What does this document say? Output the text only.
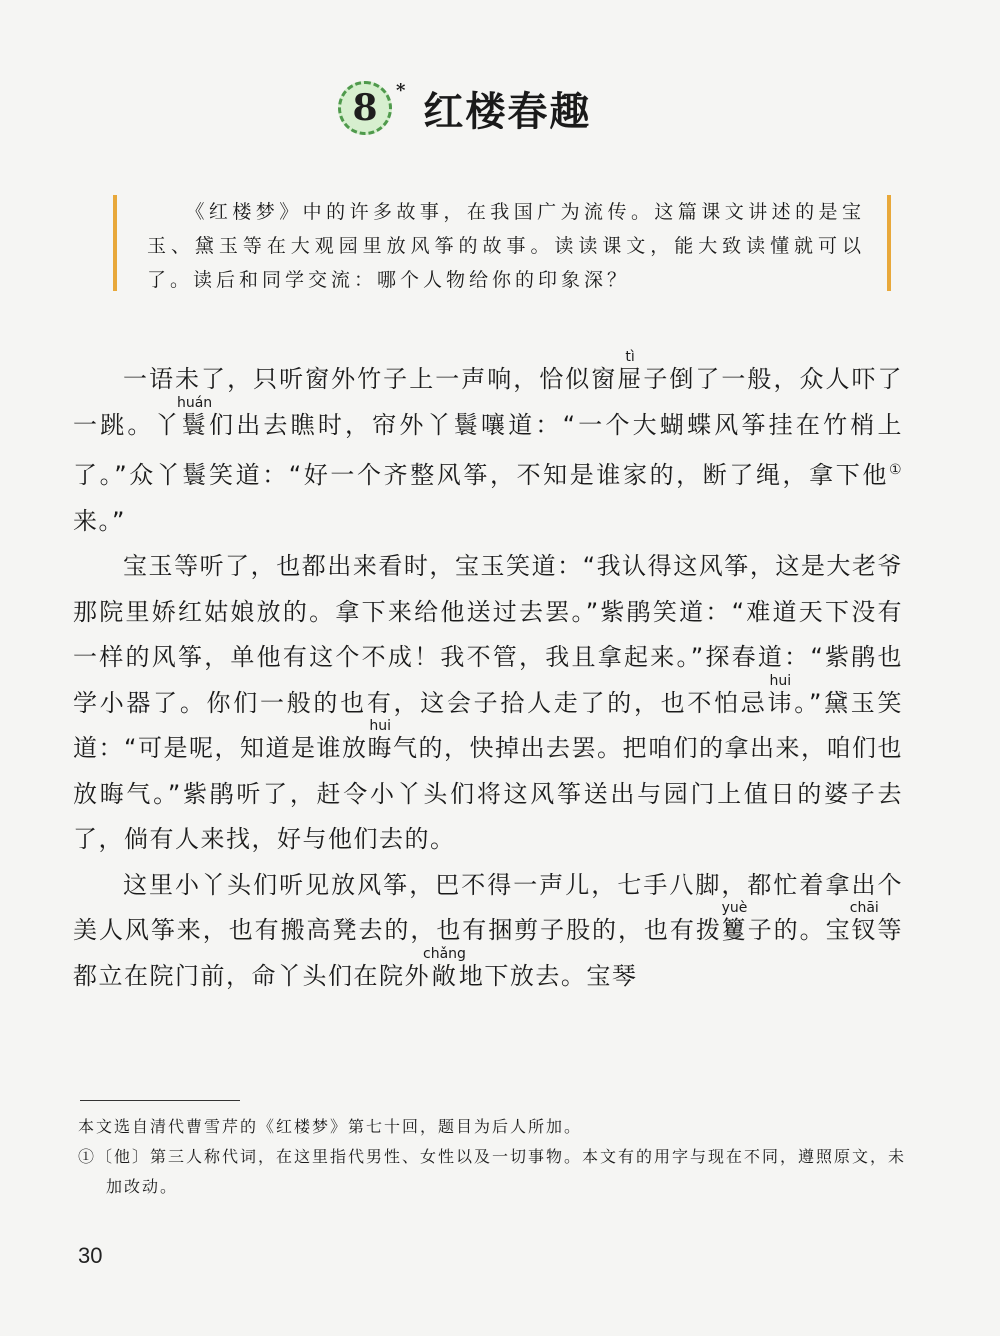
8 * 红楼春趣
《红楼梦》中的许多故事，在我国广为流传。这篇课文讲述的是宝玉、黛玉等在大观园里放风筝的故事。读读课文，能大致读懂就可以了。读后和同学交流：哪个人物给你的印象深？

一语未了，只听窗外竹子上一声响，恰似窗屉tì子倒了一般，众人吓了一跳。丫鬟huán们出去瞧时，帘外丫鬟嚷道：“一个大蝴蝶风筝挂在竹梢上了。”众丫鬟笑道：“好一个齐整风筝，不知是谁家的，断了绳，拿下他①来。”

宝玉等听了，也都出来看时，宝玉笑道：“我认得这风筝，这是大老爷那院里娇红姑娘放的。拿下来给他送过去罢。”紫鹃笑道：“难道天下没有一样的风筝，单他有这个不成！我不管，我且拿起来。”探春道：“紫鹃也学小器了。你们一般的也有，这会子拾人走了的，也不怕忌讳hui。”黛玉笑道：“可是呢，知道是谁放晦hui气的，快掉出去罢。把咱们的拿出来，咱们也放晦气。”紫鹃听了，赶令小丫头们将这风筝送出与园门上值日的婆子去了，倘有人来找，好与他们去的。

这里小丫头们听见放风筝，巴不得一声儿，七手八脚，都忙着拿出个美人风筝来，也有搬高凳去的，也有捆剪子股的，也有拨籰yuè子的。宝钗chāi等都立在院门前，命丫头们在院外敞chǎng地下放去。宝琴

本文选自清代曹雪芹的《红楼梦》第七十回，题目为后人所加。

①〔他〕第三人称代词，在这里指代男性、女性以及一切事物。本文有的用字与现在不同，遵照原文，未加改动。

30
